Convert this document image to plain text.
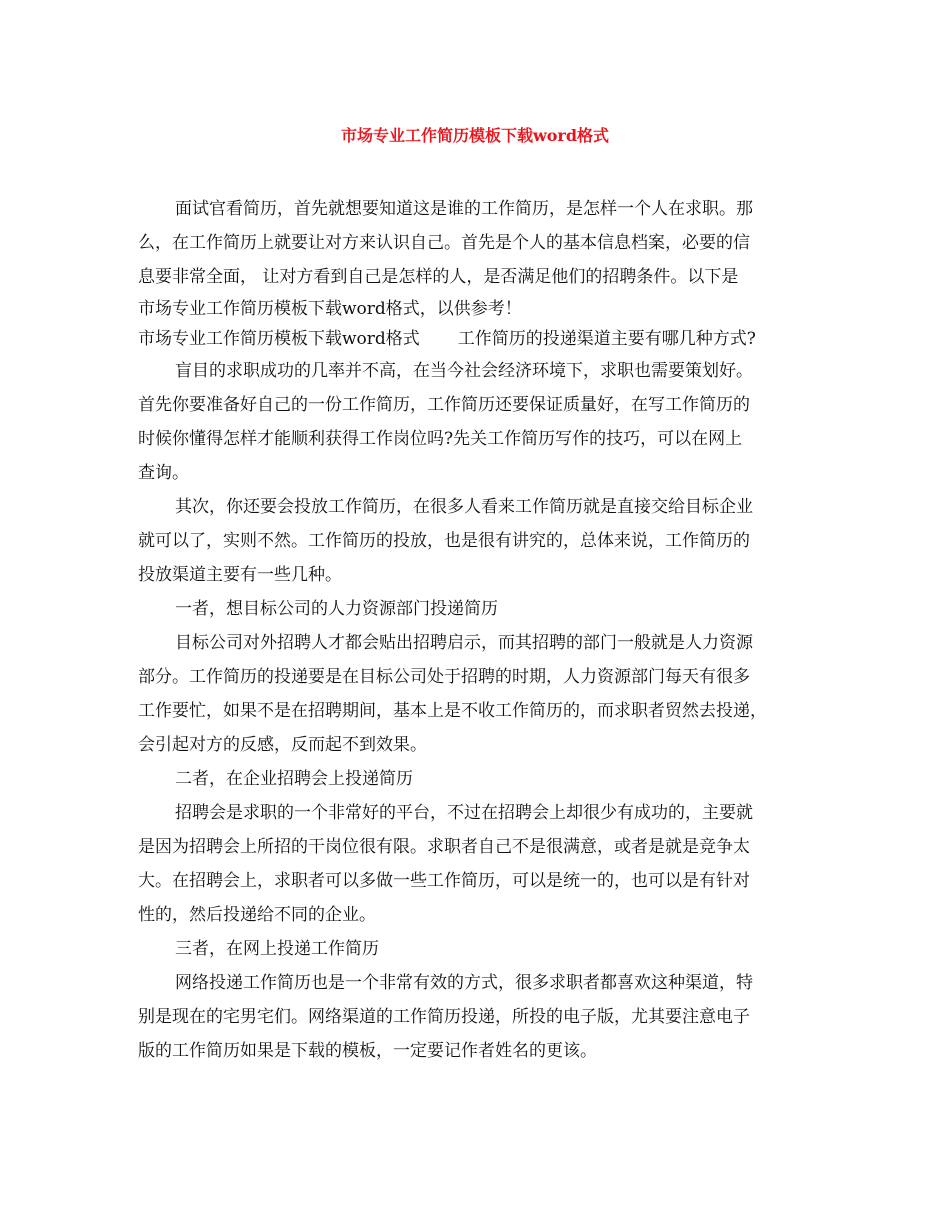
市场专业工作简历模板下载word格式
面试官看简历，首先就想要知道这是谁的工作简历，是怎样一个人在求职。那
么，在工作简历上就要让对方来认识自己。首先是个人的基本信息档案，必要的信
息要非常全面， 让对方看到自己是怎样的人，是否满足他们的招聘条件。以下是
市场专业工作简历模板下载word格式，以供参考！
市场专业工作简历模板下载word格式 工作简历的投递渠道主要有哪几种方式?
盲目的求职成功的几率并不高，在当今社会经济环境下，求职也需要策划好。
首先你要准备好自己的一份工作简历，工作简历还要保证质量好，在写工作简历的
时候你懂得怎样才能顺利获得工作岗位吗?先关工作简历写作的技巧，可以在网上
查询。
其次，你还要会投放工作简历，在很多人看来工作简历就是直接交给目标企业
就可以了，实则不然。工作简历的投放，也是很有讲究的，总体来说，工作简历的
投放渠道主要有一些几种。
一者，想目标公司的人力资源部门投递简历
目标公司对外招聘人才都会贴出招聘启示，而其招聘的部门一般就是人力资源
部分。工作简历的投递要是在目标公司处于招聘的时期，人力资源部门每天有很多
工作要忙，如果不是在招聘期间，基本上是不收工作简历的，而求职者贸然去投递，
会引起对方的反感，反而起不到效果。
二者，在企业招聘会上投递简历
招聘会是求职的一个非常好的平台，不过在招聘会上却很少有成功的，主要就
是因为招聘会上所招的干岗位很有限。求职者自己不是很满意，或者是就是竞争太
大。在招聘会上，求职者可以多做一些工作简历，可以是统一的，也可以是有针对
性的，然后投递给不同的企业。
三者，在网上投递工作简历
网络投递工作简历也是一个非常有效的方式，很多求职者都喜欢这种渠道，特
别是现在的宅男宅们。网络渠道的工作简历投递，所投的电子版，尤其要注意电子
版的工作简历如果是下载的模板，一定要记作者姓名的更该。
